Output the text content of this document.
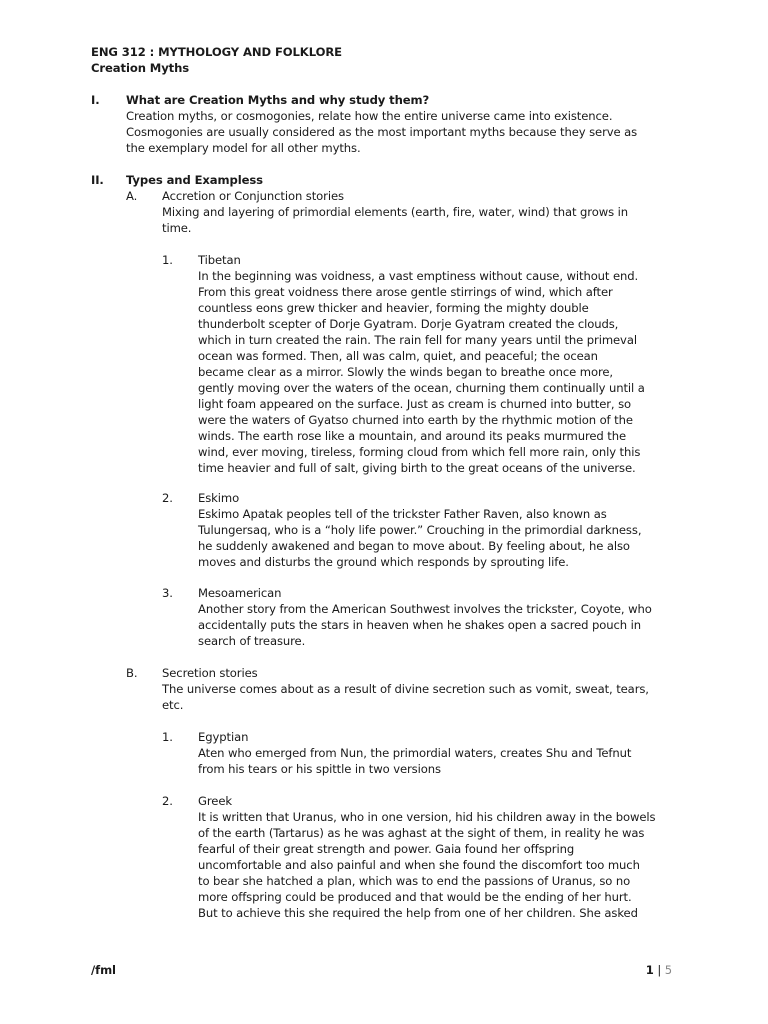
ENG 312 : MYTHOLOGY AND FOLKLORE
Creation Myths
I. What are Creation Myths and why study them?
Creation myths, or cosmogonies, relate how the entire universe came into existence.
Cosmogonies are usually considered as the most important myths because they serve as
the exemplary model for all other myths.
II. Types and Exampless
A. Accretion or Conjunction stories
Mixing and layering of primordial elements (earth, fire, water, wind) that grows in
time.
1. Tibetan
In the beginning was voidness, a vast emptiness without cause, without end.
From this great voidness there arose gentle stirrings of wind, which after
countless eons grew thicker and heavier, forming the mighty double
thunderbolt scepter of Dorje Gyatram. Dorje Gyatram created the clouds,
which in turn created the rain. The rain fell for many years until the primeval
ocean was formed. Then, all was calm, quiet, and peaceful; the ocean
became clear as a mirror. Slowly the winds began to breathe once more,
gently moving over the waters of the ocean, churning them continually until a
light foam appeared on the surface. Just as cream is churned into butter, so
were the waters of Gyatso churned into earth by the rhythmic motion of the
winds. The earth rose like a mountain, and around its peaks murmured the
wind, ever moving, tireless, forming cloud from which fell more rain, only this
time heavier and full of salt, giving birth to the great oceans of the universe.
2. Eskimo
Eskimo Apatak peoples tell of the trickster Father Raven, also known as
Tulungersaq, who is a “holy life power.” Crouching in the primordial darkness,
he suddenly awakened and began to move about. By feeling about, he also
moves and disturbs the ground which responds by sprouting life.
3. Mesoamerican
Another story from the American Southwest involves the trickster, Coyote, who
accidentally puts the stars in heaven when he shakes open a sacred pouch in
search of treasure.
B. Secretion stories
The universe comes about as a result of divine secretion such as vomit, sweat, tears,
etc.
1. Egyptian
Aten who emerged from Nun, the primordial waters, creates Shu and Tefnut
from his tears or his spittle in two versions
2. Greek
It is written that Uranus, who in one version, hid his children away in the bowels
of the earth (Tartarus) as he was aghast at the sight of them, in reality he was
fearful of their great strength and power. Gaia found her offspring
uncomfortable and also painful and when she found the discomfort too much
to bear she hatched a plan, which was to end the passions of Uranus, so no
more offspring could be produced and that would be the ending of her hurt.
But to achieve this she required the help from one of her children. She asked
/fml	1 | 5
